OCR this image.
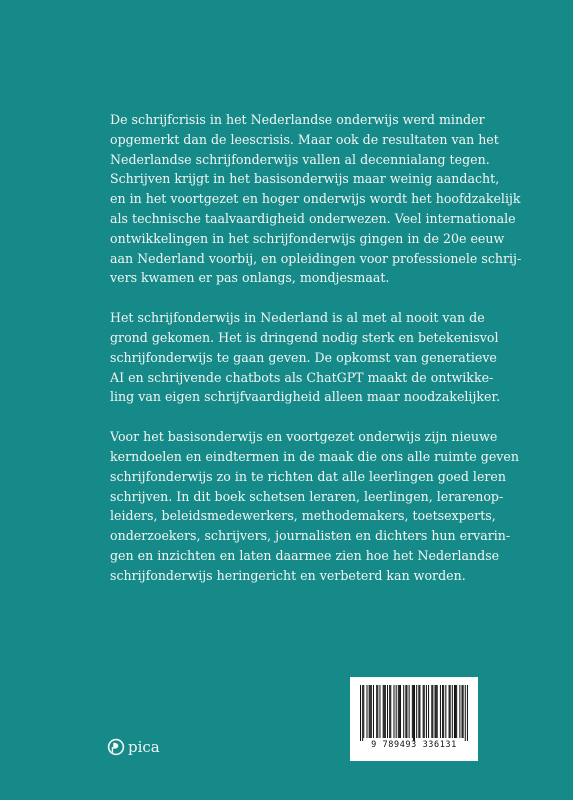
De schrijfcrisis in het Nederlandse onderwijs werd minder
opgemerkt dan de leescrisis. Maar ook de resultaten van het
Nederlandse schrijfonderwijs vallen al decennialang tegen.
Schrijven krijgt in het basisonderwijs maar weinig aandacht,
en in het voortgezet en hoger onderwijs wordt het hoofdzakelijk
als technische taalvaardigheid onderwezen. Veel internationale
ontwikkelingen in het schrijfonderwijs gingen in de 20e eeuw
aan Nederland voorbij, en opleidingen voor professionele schrij-
vers kwamen er pas onlangs, mondjesmaat.
Het schrijfonderwijs in Nederland is al met al nooit van de
grond gekomen. Het is dringend nodig sterk en betekenisvol
schrijfonderwijs te gaan geven. De opkomst van generatieve
AI en schrijvende chatbots als ChatGPT maakt de ontwikke-
ling van eigen schrijfvaardigheid alleen maar noodzakelijker.
Voor het basisonderwijs en voortgezet onderwijs zijn nieuwe
kerndoelen en eindtermen in de maak die ons alle ruimte geven
schrijfonderwijs zo in te richten dat alle leerlingen goed leren
schrijven. In dit boek schetsen leraren, leerlingen, lerarenop-
leiders, beleidsmedewerkers, methodemakers, toetsexperts,
onderzoekers, schrijvers, journalisten en dichters hun ervarin-
gen en inzichten en laten daarmee zien hoe het Nederlandse
schrijfonderwijs heringericht en verbeterd kan worden.
9 789493 336131
pica
